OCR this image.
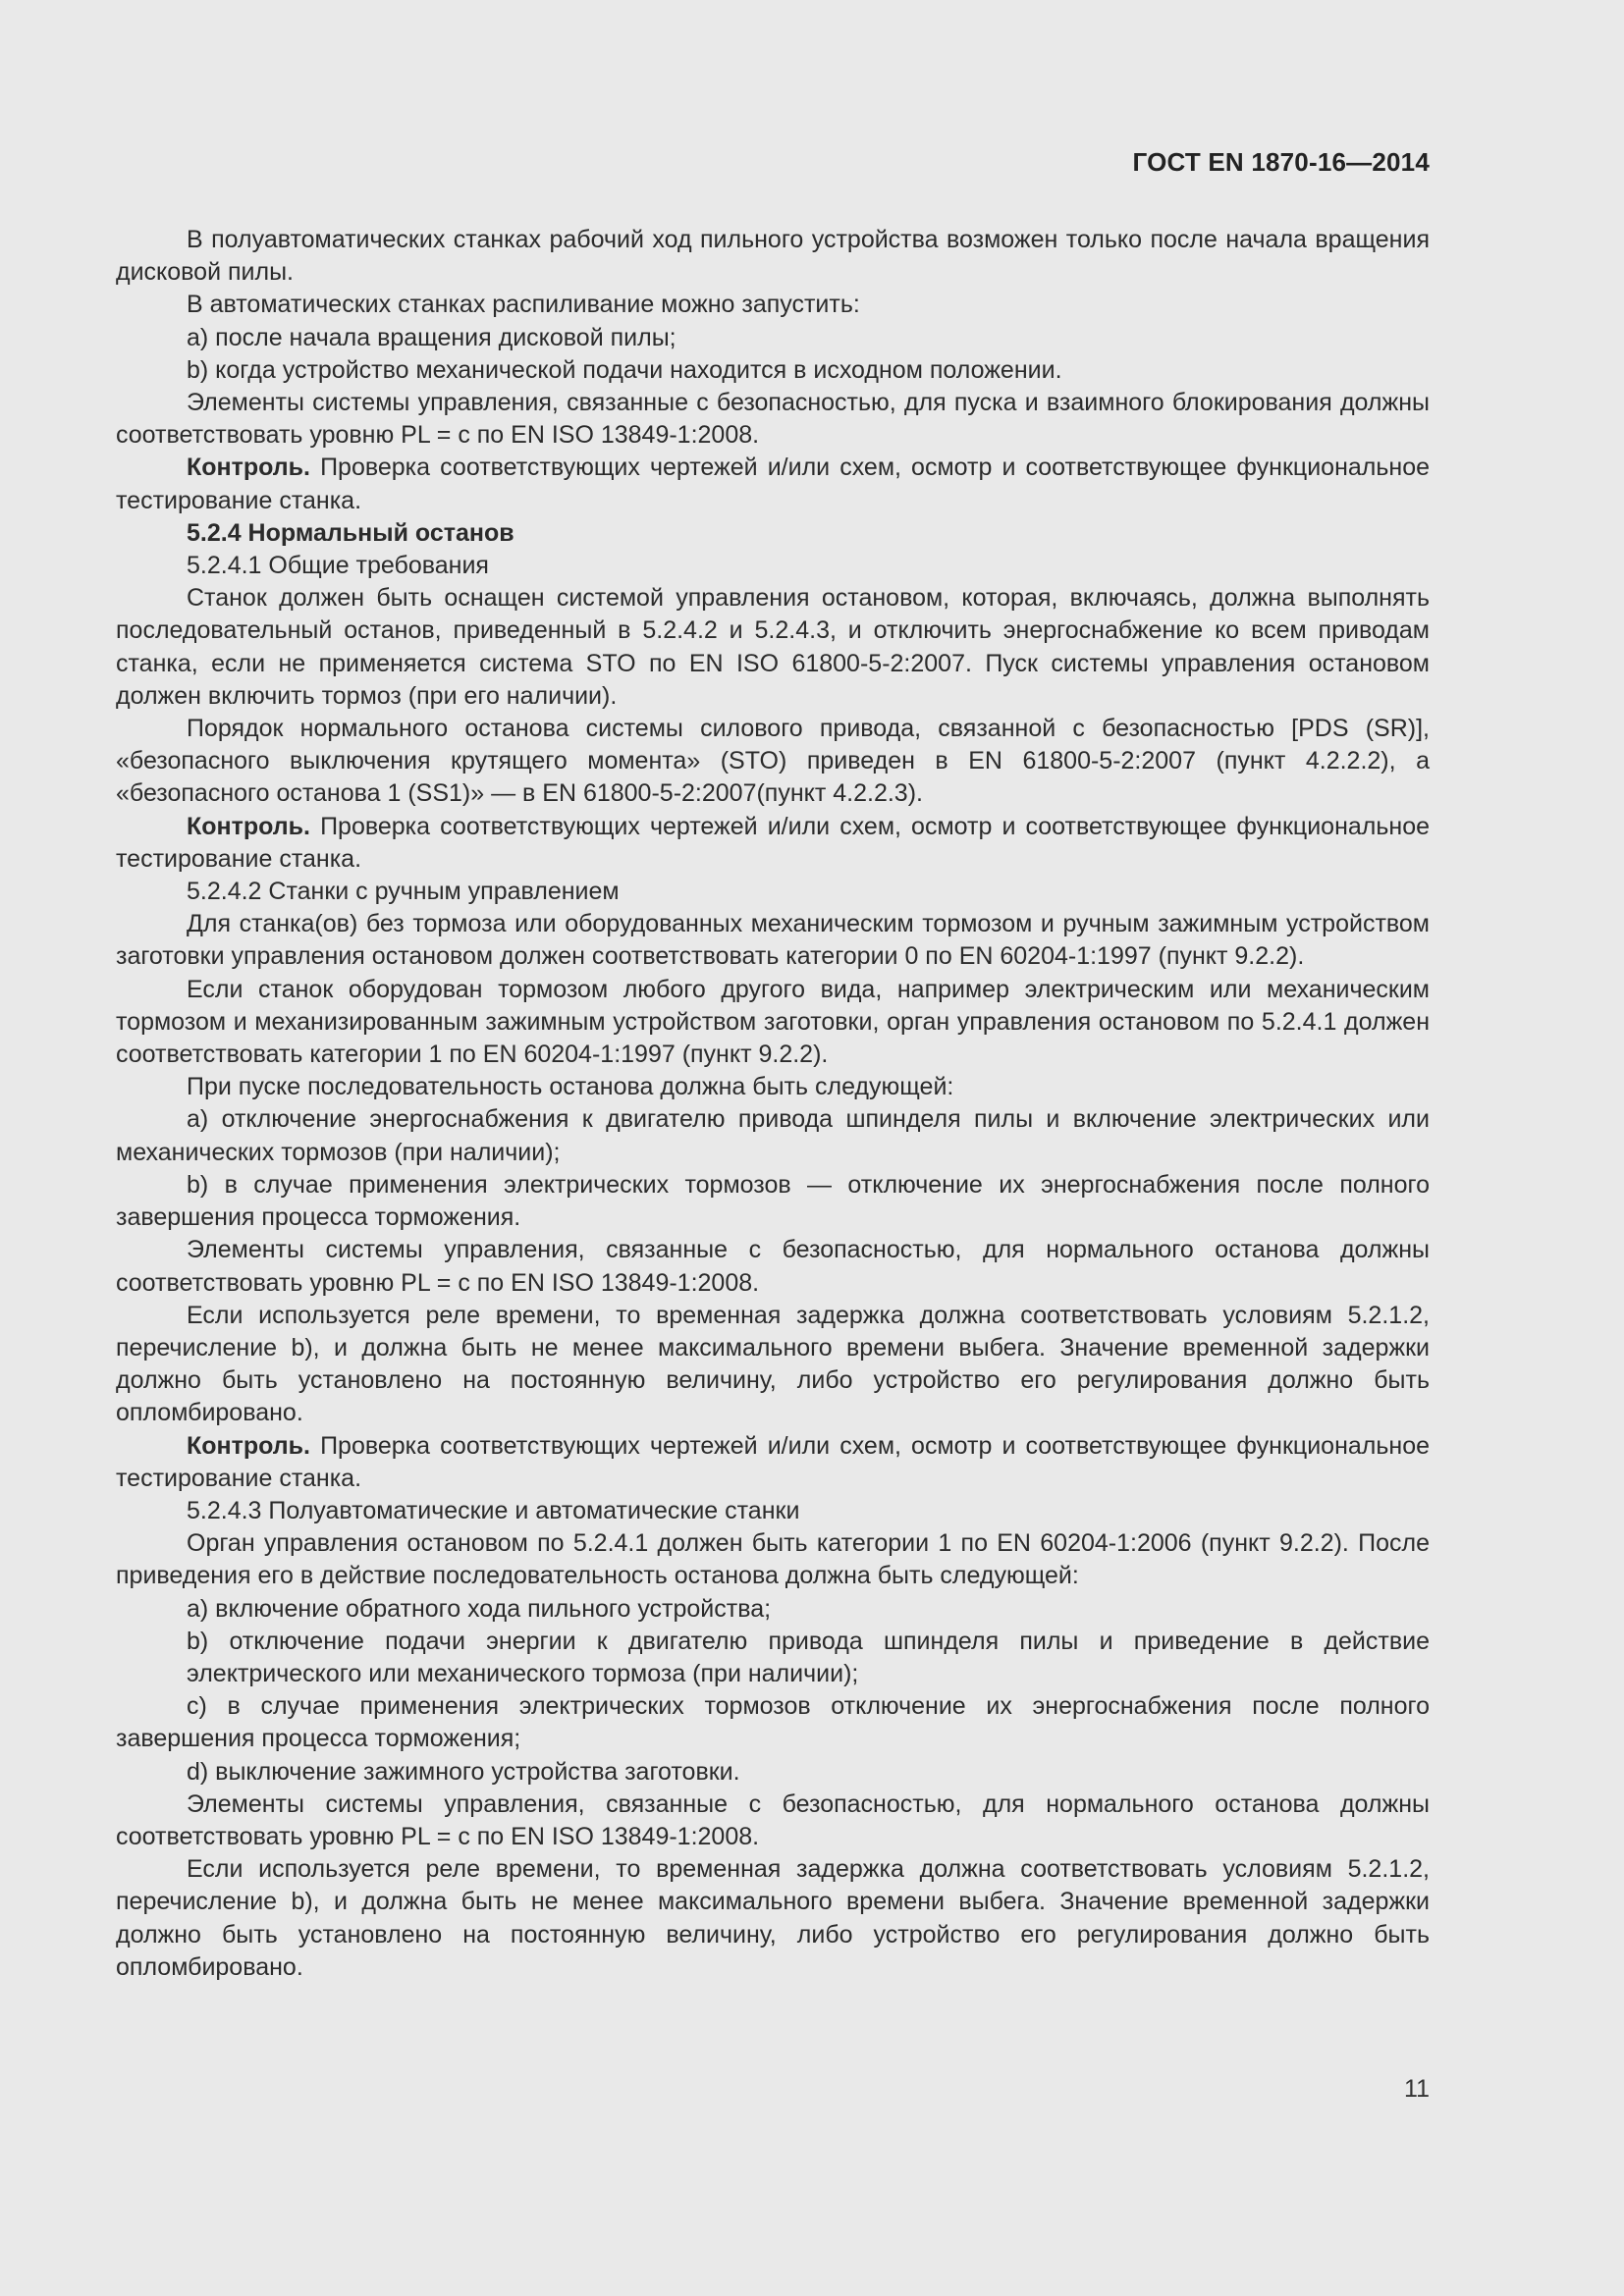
ГОСТ EN 1870-16—2014

В полуавтоматических станках рабочий ход пильного устройства возможен только после начала вращения дисковой пилы.

В автоматических станках распиливание можно запустить:

a) после начала вращения дисковой пилы;

b) когда устройство механической подачи находится в исходном положении.

Элементы системы управления, связанные с безопасностью, для пуска и взаимного блокирования должны соответствовать уровню PL = c по EN ISO 13849-1:2008.

Контроль. Проверка соответствующих чертежей и/или схем, осмотр и соответствующее функциональное тестирование станка.

5.2.4 Нормальный останов

5.2.4.1 Общие требования

Станок должен быть оснащен системой управления остановом, которая, включаясь, должна выполнять последовательный останов, приведенный в 5.2.4.2 и 5.2.4.3, и отключить энергоснабжение ко всем приводам станка, если не применяется система STO по EN ISO 61800-5-2:2007. Пуск системы управления остановом должен включить тормоз (при его наличии).

Порядок нормального останова системы силового привода, связанной с безопасностью [PDS (SR)], «безопасного выключения крутящего момента» (STO) приведен в EN 61800-5-2:2007 (пункт 4.2.2.2), а «безопасного останова 1 (SS1)» — в EN 61800-5-2:2007(пункт 4.2.2.3).

Контроль. Проверка соответствующих чертежей и/или схем, осмотр и соответствующее функциональное тестирование станка.

5.2.4.2 Станки с ручным управлением

Для станка(ов) без тормоза или оборудованных механическим тормозом и ручным зажимным устройством заготовки управления остановом должен соответствовать категории 0 по EN 60204-1:1997 (пункт 9.2.2).

Если станок оборудован тормозом любого другого вида, например электрическим или механическим тормозом и механизированным зажимным устройством заготовки, орган управления остановом по 5.2.4.1 должен соответствовать категории 1 по EN 60204-1:1997 (пункт 9.2.2).

При пуске последовательность останова должна быть следующей:

a) отключение энергоснабжения к двигателю привода шпинделя пилы и включение электрических или механических тормозов (при наличии);

b) в случае применения электрических тормозов — отключение их энергоснабжения после полного завершения процесса торможения.

Элементы системы управления, связанные с безопасностью, для нормального останова должны соответствовать уровню PL = c по EN ISO 13849-1:2008.

Если используется реле времени, то временная задержка должна соответствовать условиям 5.2.1.2, перечисление b), и должна быть не менее максимального времени выбега. Значение временной задержки должно быть установлено на постоянную величину, либо устройство его регулирования должно быть опломбировано.

Контроль. Проверка соответствующих чертежей и/или схем, осмотр и соответствующее функциональное тестирование станка.

5.2.4.3 Полуавтоматические и автоматические станки

Орган управления остановом по 5.2.4.1 должен быть категории 1 по EN 60204-1:2006 (пункт 9.2.2). После приведения его в действие последовательность останова должна быть следующей:

a) включение обратного хода пильного устройства;

b) отключение подачи энергии к двигателю привода шпинделя пилы и приведение в действие электрического или механического тормоза (при наличии);

c) в случае применения электрических тормозов отключение их энергоснабжения после полного завершения процесса торможения;

d) выключение зажимного устройства заготовки.

Элементы системы управления, связанные с безопасностью, для нормального останова должны соответствовать уровню PL = c по EN ISO 13849-1:2008.

Если используется реле времени, то временная задержка должна соответствовать условиям 5.2.1.2, перечисление b), и должна быть не менее максимального времени выбега. Значение временной задержки должно быть установлено на постоянную величину, либо устройство его регулирования должно быть опломбировано.

11
